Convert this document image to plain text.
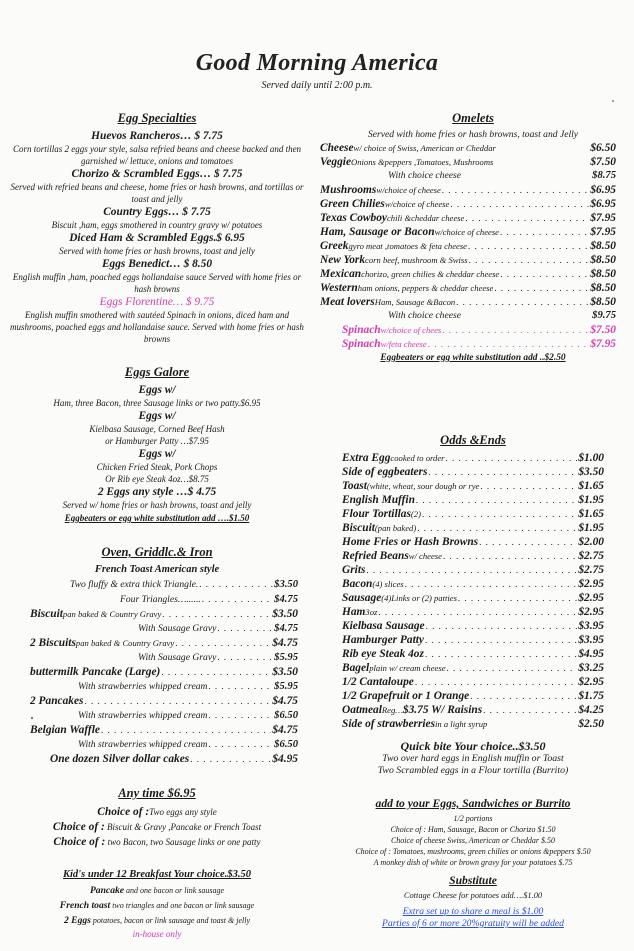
Good Morning America
Served daily until 2:00 p.m.
Egg Specialties
Huevos Rancheros… $ 7.75
Corn tortillas 2 eggs your style, salsa refried beans and cheese backed and then garnished w/ lettuce, onions and tomatoes
Chorizo & Scrambled Eggs… $ 7.75
Served with refried beans and cheese, home fries or hash browns, and tortillas or toast and jelly
Country Eggs… $ 7.75
Biscuit ,ham, eggs smothered in country gravy w/ potatoes
Diced Ham & Scrambled Eggs.$ 6.95
Served with home fries or hash browns, toast and jelly
Eggs Benedict… $ 8.50
English muffin ,ham, poached eggs hollandaise sauce Served with home fries or hash browns
Eggs Florentine… $ 9.75
English muffin smothered with sautéed Spinach in onions, diced ham and mushrooms, poached eggs and hollandaise sauce. Served with home fries or hash browns
Eggs Galore
Eggs w/
Ham, three Bacon, three Sausage links or two patty.$6.95
Eggs w/
Kielbasa Sausage, Corned Beef Hash
or Hamburger Patty …$7.95
Eggs w/
Chicken Fried Steak, Pork Chops
Or Rib eye Steak 4oz…$8.75
2 Eggs any style …$ 4.75
Served w/ home fries or hash browns, toast and jelly
Eggbeaters or egg white substitution add ….$1.50
Oven, Griddlc.& Iron
French Toast American style
Two fluffy & extra thick Triangle. . . .	$3.50
Four Triangles…...... . . .	$4.75
Biscuit pan baked & Country Gravy . . .	$3.50
With Sausage Gravy . . .	$4.75
2 Biscuits pan baked & Country Gravy . . .	$4.75
With Sausage Gravy . . .	$5.95
buttermilk Pancake (Large) . . .	$3.50
With strawberries whipped cream . . .	$5.95
2 Pancakes . . .	$4.75
With strawberries whipped cream . . .	$6.50
Belgian Waffle . . .	$4.75
With strawberries whipped cream . . .	$6.50
One dozen Silver dollar cakes . . .	$4.95
Any time $6.95
Choice of :Two eggs any style
Choice of : Biscuit & Gravy ,Pancake or French Toast
Choice of : two Bacon, two Sausage links or one patty
Kid's under 12 Breakfast Your choice.$3.50
Pancake and one bacon or link sausage
French toast two triangles and one bacon or link sausage
2 Eggs potatoes, bacon or link sausage and toast & jelly
in-house only
Omelets
Served with home fries or hash browns, toast and Jelly
Cheese w/ choice of Swiss, American or Cheddar	$6.50
Veggie Onions &peppers ,Tomatoes, Mushrooms	$7.50
With choice cheese	$8.75
Mushrooms w/choice of cheese . . .	$6.95
Green Chilies w/choice of cheese . . .	$6.95
Texas Cowboy chili &cheddar cheese . . .	$7.95
Ham, Sausage or Bacon w/choice of cheese . . .	$7.95
Greek gyro meat ,tomatoes & feta cheese . . .	$8.50
New York corn beef, mushroom & Swiss . . .	$8.50
Mexican chorizo, green chilies & cheddar cheese . . .	$8.50
Western ham onions, peppers & cheddar cheese . . .	$8.50
Meat lovers Ham, Sausage &Bacon . . .	$8.50
With choice cheese	$9.75
Spinach w/choice of chees . . .	$7.50
Spinach w/feta cheese . . .	$7.95
Eggbeaters or egg white substitution add ..$2.50
Odds &Ends
Extra Egg cooked to order . . .	$1.00
Side of eggbeaters . . .	$3.50
Toast (white, wheat, sour dough or rye . . .	$1.65
English Muffin . . .	$1.95
Flour Tortillas (2) . . .	$1.65
Biscuit (pan baked) . . .	$1.95
Home Fries or Hash Browns . . .	$2.00
Refried Beans w/ cheese . . .	$2.75
Grits . . .	$2.75
Bacon (4) slices . . .	$2.95
Sausage (4)Links or (2) patties . . .	$2.95
Ham 3oz . . .	$2.95
Kielbasa Sausage . . .	$3.95
Hamburger Patty . . .	$3.95
Rib eye Steak 4oz . . .	$4.95
Bagel plain w/ cream cheese . . .	$3.25
1/2 Cantaloupe . . .	$2.95
1/2 Grapefruit or 1 Orange . . .	$1.75
Oatmeal Reg… $3.75 W/ Raisins . . .	$4.25
Side of strawberries in a light syrup	$2.50
Quick bite Your choice..$3.50
Two over hard eggs in English muffin or Toast
Two Scrambled eggs in a Flour tortilla (Burrito)
add to your Eggs, Sandwiches or Burrito
1/2 portions
Choice of : Ham, Sausage, Bacon or Chorizo $1.50
Choice of cheese Swiss, American or Cheddar $.50
Choice of : Tomatoes, mushrooms, green chilies or onions &peppers $.50
A monkey dish of white or brown gravy for your potatoes $.75
Substitute
Cottage Cheese for potatoes add….$1.00
Extra set up to share a meal is $1.00
Parties of 6 or more 20%gratuity will be added
